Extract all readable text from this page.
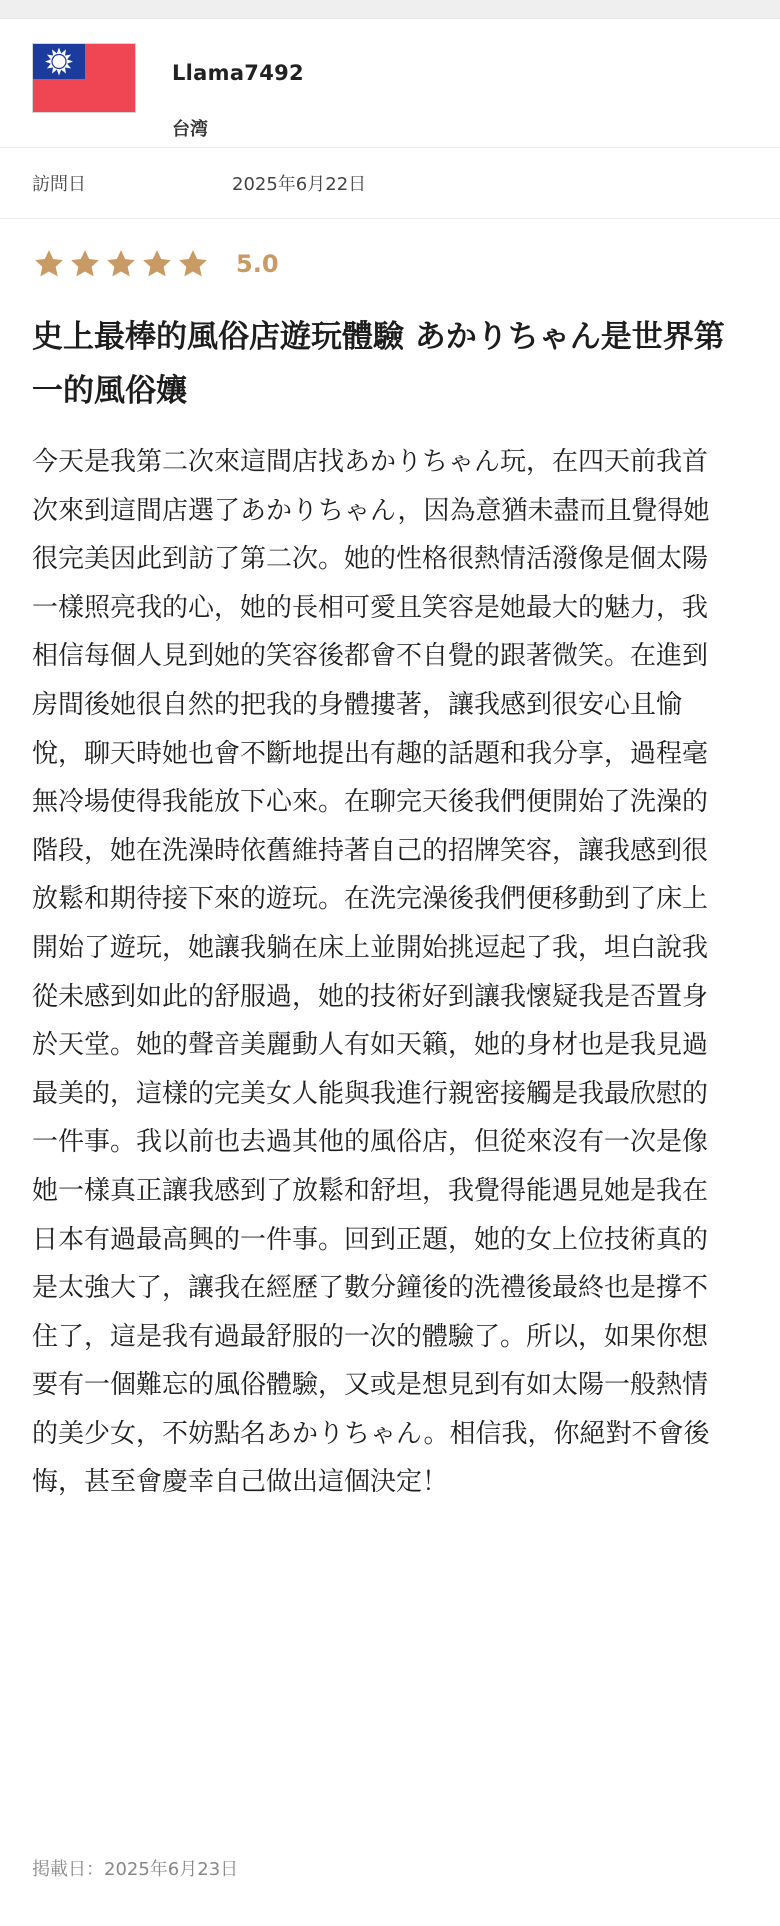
Llama7492
台湾
訪問日	2025年6月22日
5.0
史上最棒的風俗店遊玩體驗 あかりちゃん是世界第一的風俗孃

今天是我第二次來這間店找あかりちゃん玩，在四天前我首次來到這間店選了あかりちゃん，因為意猶未盡而且覺得她很完美因此到訪了第二次。她的性格很熱情活潑像是個太陽一樣照亮我的心，她的長相可愛且笑容是她最大的魅力，我相信每個人見到她的笑容後都會不自覺的跟著微笑。在進到房間後她很自然的把我的身體摟著，讓我感到很安心且愉悅，聊天時她也會不斷地提出有趣的話題和我分享，過程毫無冷場使得我能放下心來。在聊完天後我們便開始了洗澡的階段，她在洗澡時依舊維持著自己的招牌笑容，讓我感到很放鬆和期待接下來的遊玩。在洗完澡後我們便移動到了床上開始了遊玩，她讓我躺在床上並開始挑逗起了我，坦白說我從未感到如此的舒服過，她的技術好到讓我懷疑我是否置身於天堂。她的聲音美麗動人有如天籟，她的身材也是我見過最美的，這樣的完美女人能與我進行親密接觸是我最欣慰的一件事。我以前也去過其他的風俗店，但從來沒有一次是像她一樣真正讓我感到了放鬆和舒坦，我覺得能遇見她是我在日本有過最高興的一件事。回到正題，她的女上位技術真的是太強大了，讓我在經歷了數分鐘後的洗禮後最終也是撐不住了，這是我有過最舒服的一次的體驗了。所以，如果你想要有一個難忘的風俗體驗，又或是想見到有如太陽一般熱情的美少女，不妨點名あかりちゃん。相信我，你絕對不會後悔，甚至會慶幸自己做出這個決定！

掲載日：2025年6月23日
